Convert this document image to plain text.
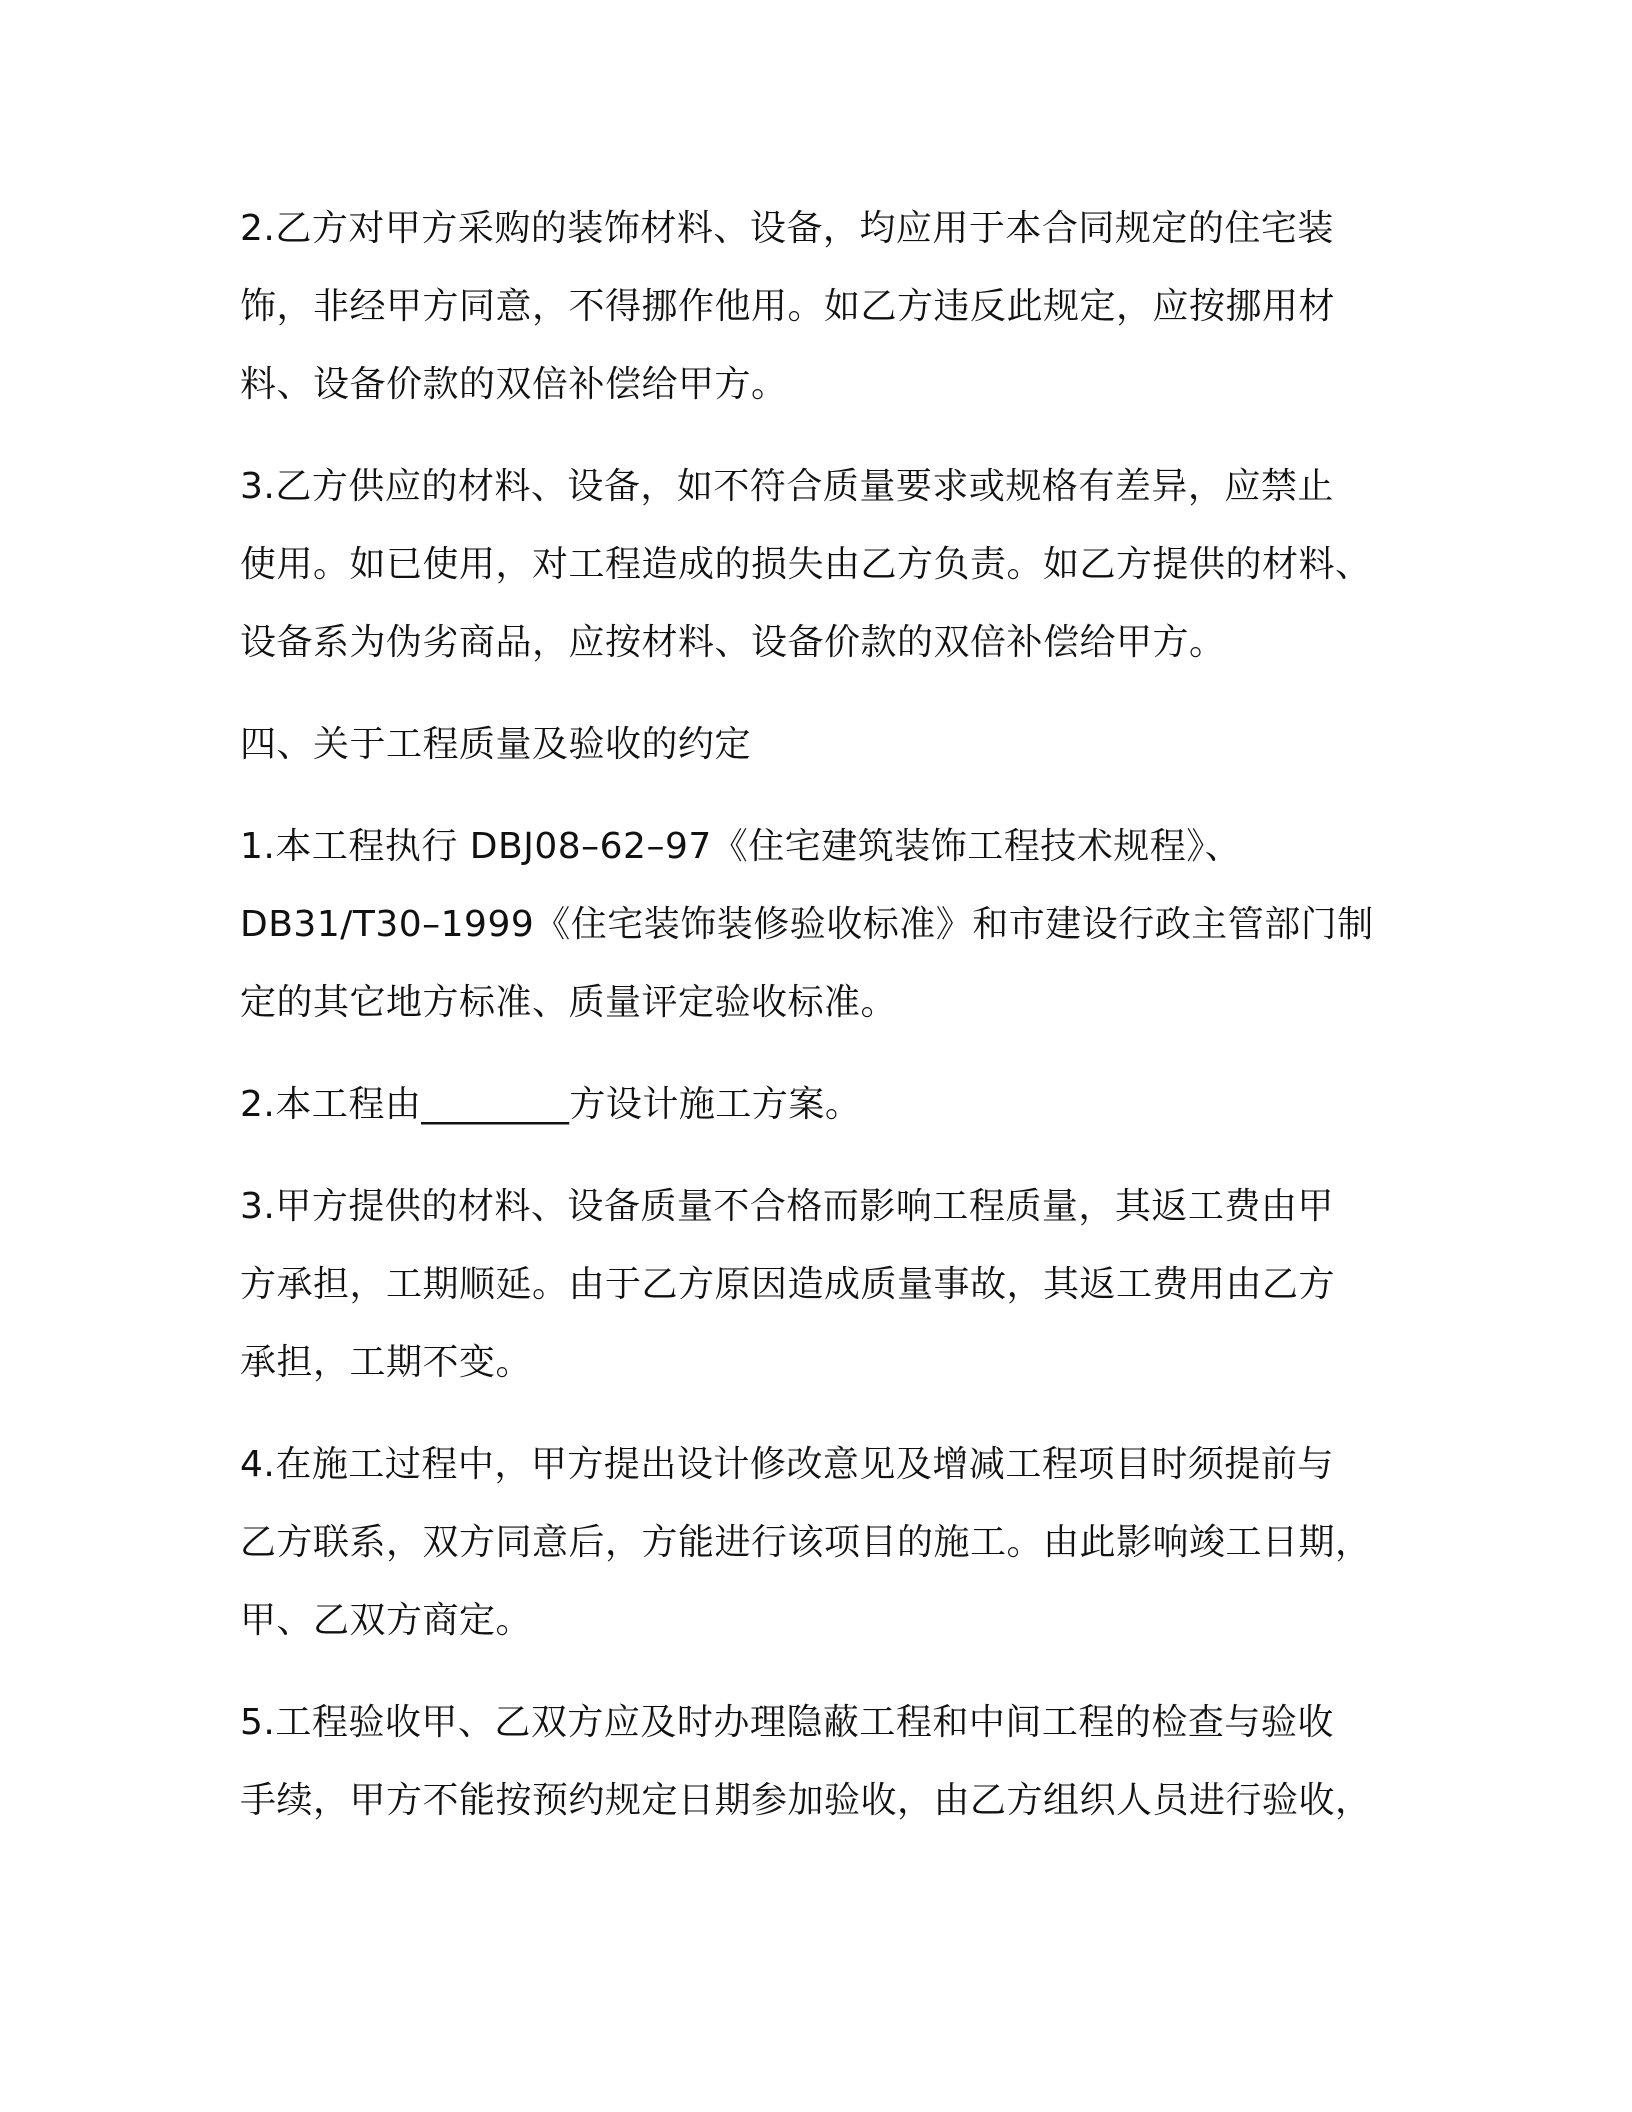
2.乙方对甲方采购的装饰材料、设备，均应用于本合同规定的住宅装
饰，非经甲方同意，不得挪作他用。如乙方违反此规定，应按挪用材
料、设备价款的双倍补偿给甲方。

3.乙方供应的材料、设备，如不符合质量要求或规格有差异，应禁止
使用。如已使用，对工程造成的损失由乙方负责。如乙方提供的材料、
设备系为伪劣商品，应按材料、设备价款的双倍补偿给甲方。

四、关于工程质量及验收的约定

1.本工程执行 DBJ08–62–97《住宅建筑装饰工程技术规程》、
DB31/T30–1999《住宅装饰装修验收标准》和市建设行政主管部门制
定的其它地方标准、质量评定验收标准。

2.本工程由________方设计施工方案。

3.甲方提供的材料、设备质量不合格而影响工程质量，其返工费由甲
方承担，工期顺延。由于乙方原因造成质量事故，其返工费用由乙方
承担，工期不变。

4.在施工过程中，甲方提出设计修改意见及增减工程项目时须提前与
乙方联系，双方同意后，方能进行该项目的施工。由此影响竣工日期，
甲、乙双方商定。

5.工程验收甲、乙双方应及时办理隐蔽工程和中间工程的检查与验收
手续，甲方不能按预约规定日期参加验收，由乙方组织人员进行验收，
